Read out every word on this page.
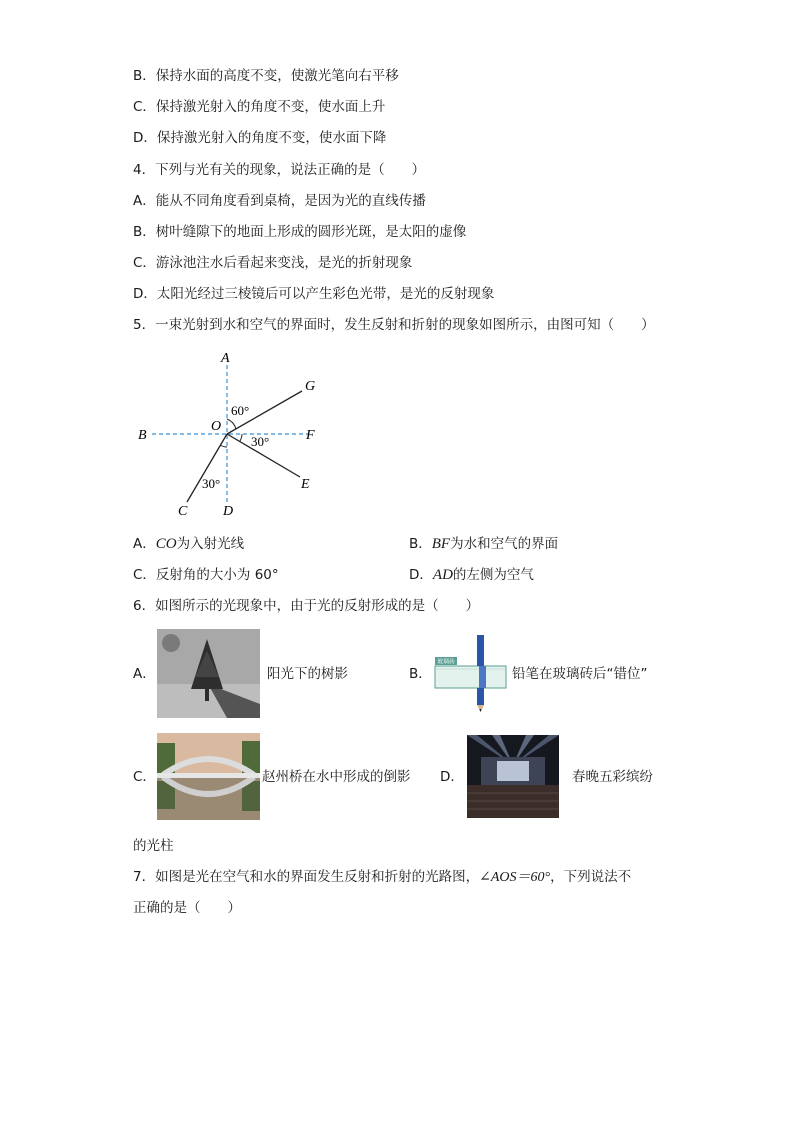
B．保持水面的高度不变，使激光笔向右平移
C．保持激光射入的角度不变，使水面上升
D．保持激光射入的角度不变，使水面下降
4．下列与光有关的现象，说法正确的是（　　）
A．能从不同角度看到桌椅，是因为光的直线传播
B．树叶缝隙下的地面上形成的圆形光斑，是太阳的虚像
C．游泳池注水后看起来变浅，是光的折射现象
D．太阳光经过三棱镜后可以产生彩色光带，是光的反射现象
5．一束光射到水和空气的界面时，发生反射和折射的现象如图所示，由图可知（　　）
A
B
C	D
E
F
G
O
60°
30°
30°
A．CO为入射光线	B．BF为水和空气的界面
C．反射角的大小为 60°	D．AD的左侧为空气
6．如图所示的光现象中，由于光的反射形成的是（　　）
A．	阳光下的树影	B．
玻璃砖
铅笔在玻璃砖后“错位”
C．	赵州桥在水中形成的倒影 D．	春晚五彩缤纷
的光柱
7．如图是光在空气和水的界面发生反射和折射的光路图，∠AOS＝60°，下列说法不
正确的是（　　）
